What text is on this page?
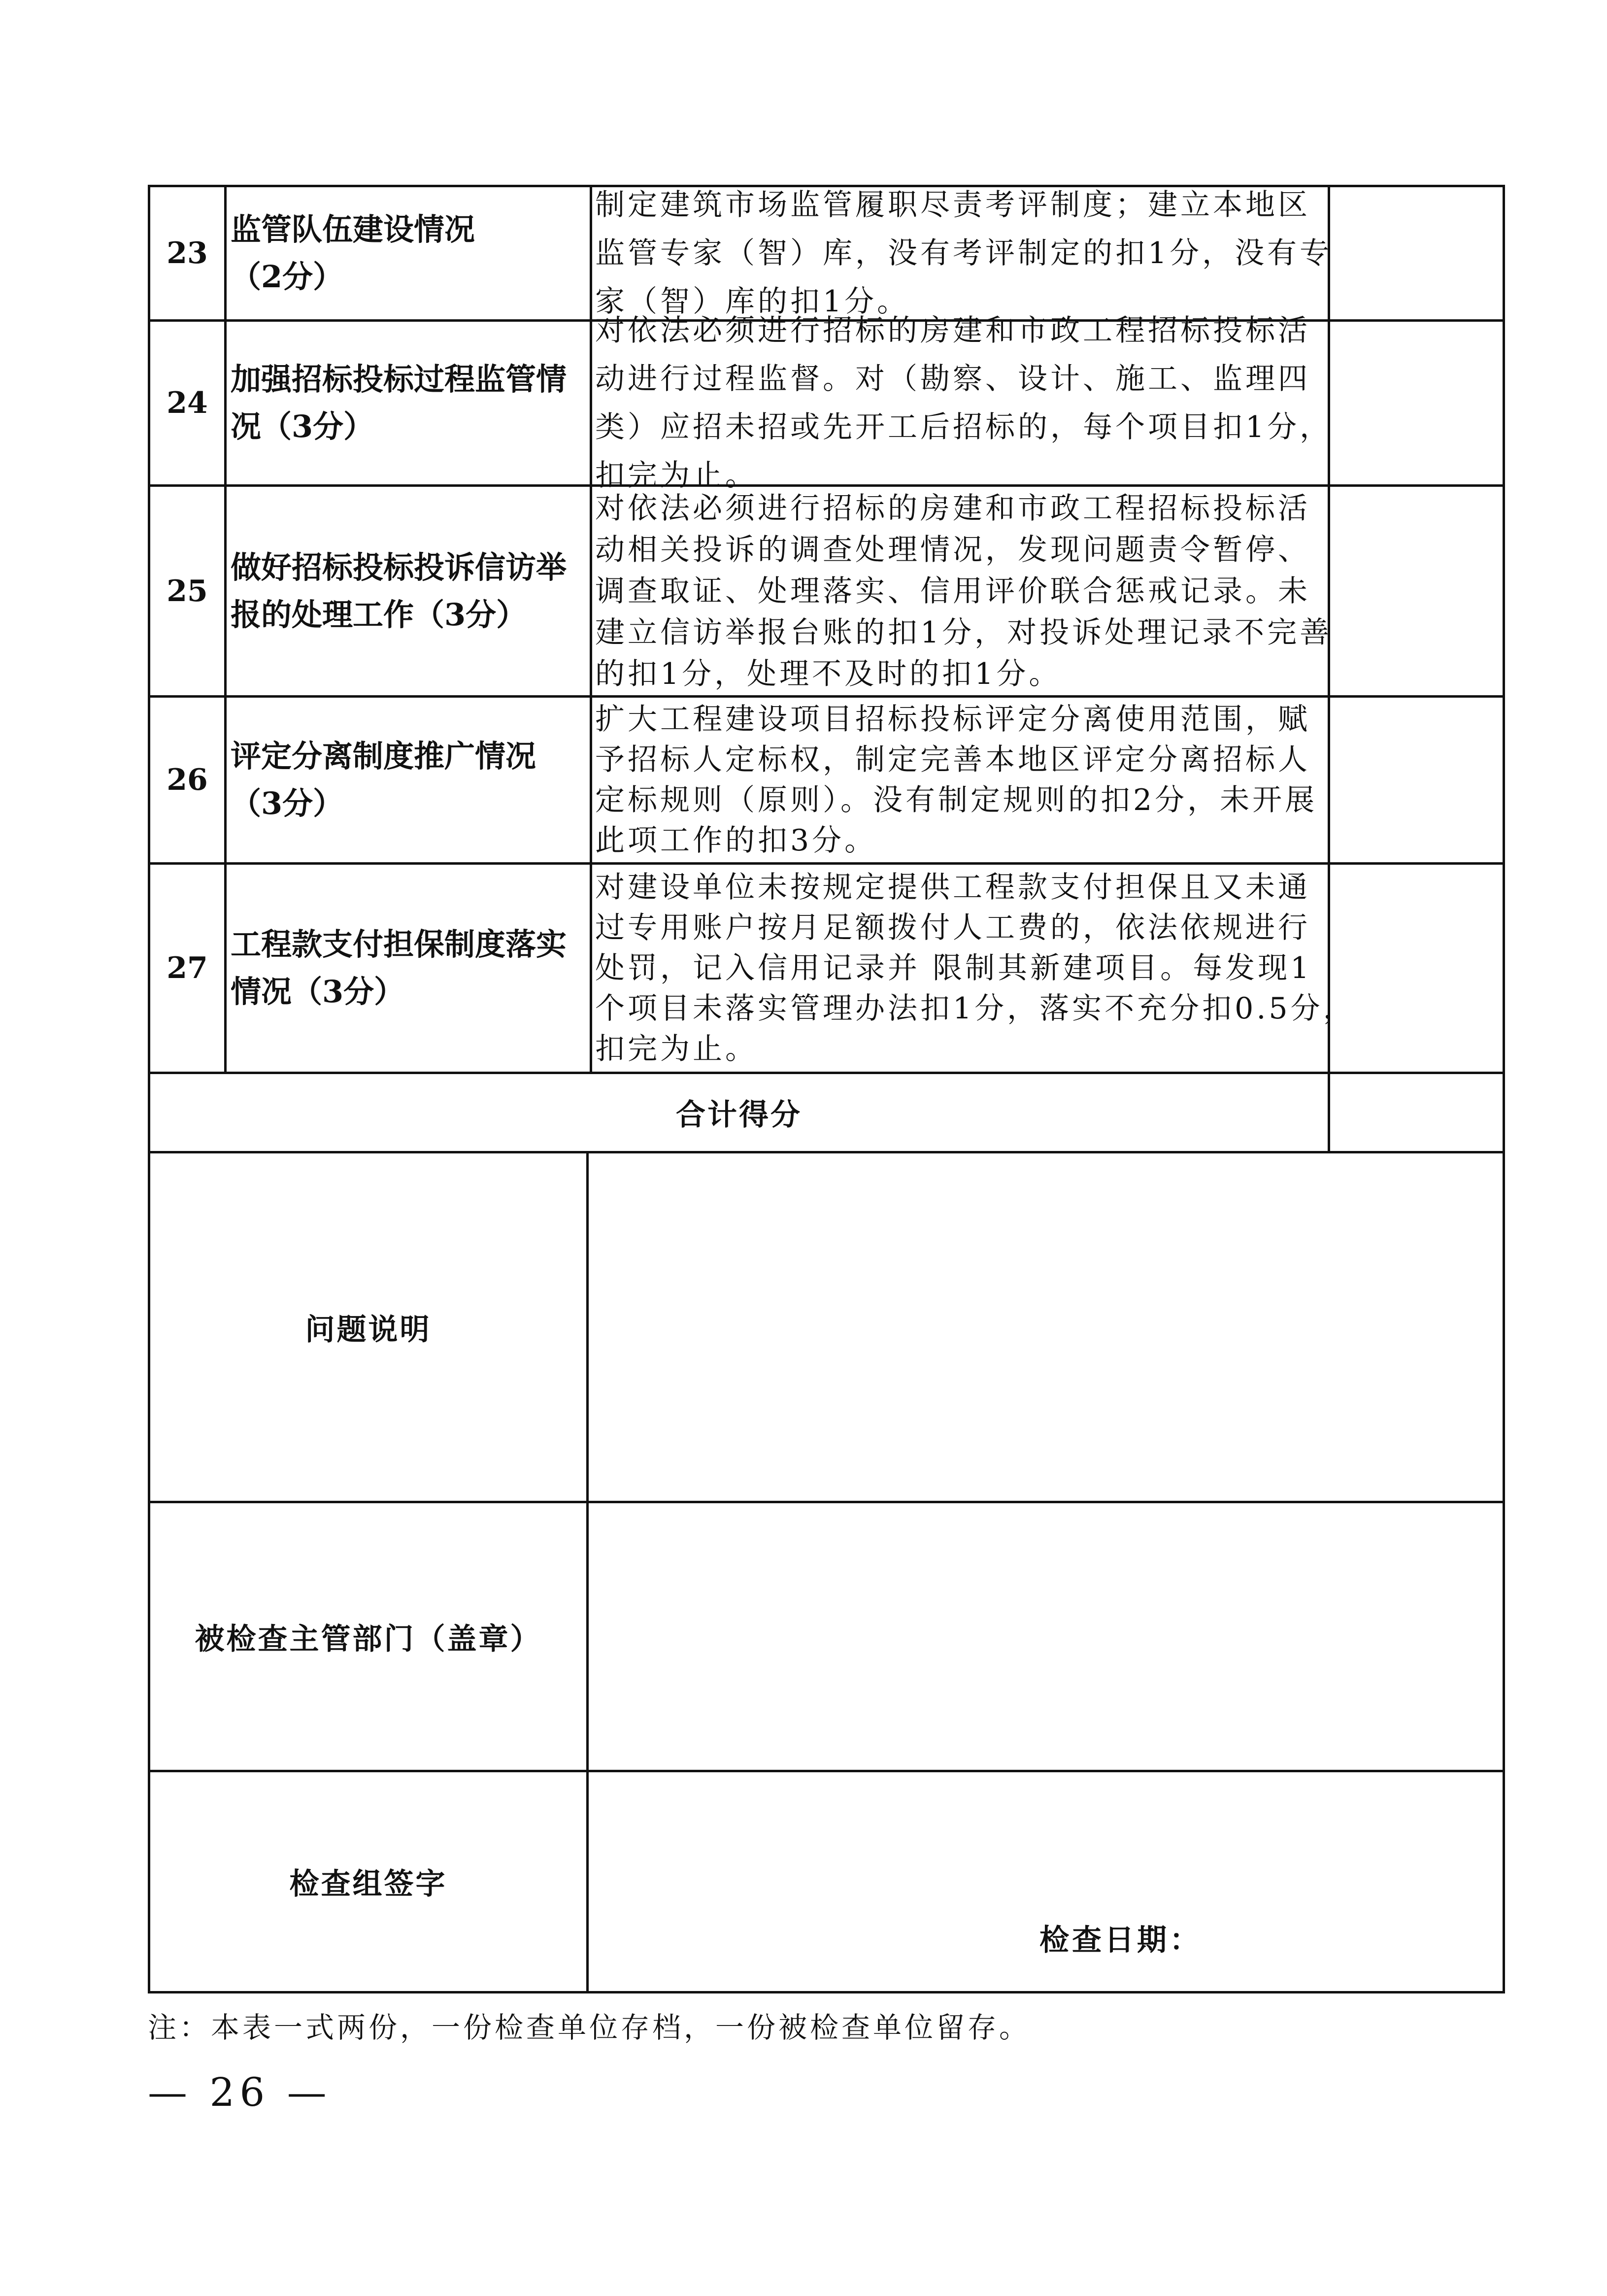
23
监管队伍建设情况
（2分）
制定建筑市场监管履职尽责考评制度；建立本地区
监管专家（智）库，没有考评制定的扣1分，没有专
家（智）库的扣1分。
24
加强招标投标过程监管情
况（3分）
对依法必须进行招标的房建和市政工程招标投标活
动进行过程监督。对（勘察、设计、施工、监理四
类）应招未招或先开工后招标的，每个项目扣1分，
扣完为止。
25
做好招标投标投诉信访举
报的处理工作（3分）
对依法必须进行招标的房建和市政工程招标投标活
动相关投诉的调查处理情况，发现问题责令暂停、
调查取证、处理落实、信用评价联合惩戒记录。未
建立信访举报台账的扣1分，对投诉处理记录不完善
的扣1分，处理不及时的扣1分。
26
评定分离制度推广情况
（3分）
扩大工程建设项目招标投标评定分离使用范围，赋
予招标人定标权，制定完善本地区评定分离招标人
定标规则（原则）。没有制定规则的扣2分，未开展
此项工作的扣3分。
27
工程款支付担保制度落实
情况（3分）
对建设单位未按规定提供工程款支付担保且又未通
过专用账户按月足额拨付人工费的，依法依规进行
处罚，记入信用记录并 限制其新建项目。每发现1
个项目未落实管理办法扣1分，落实不充分扣0.5分，
扣完为止。
合计得分
问题说明
被检查主管部门（盖章）
检查组签字
检查日期：
注：本表一式两份，一份检查单位存档，一份被检查单位留存。
— 26 —
